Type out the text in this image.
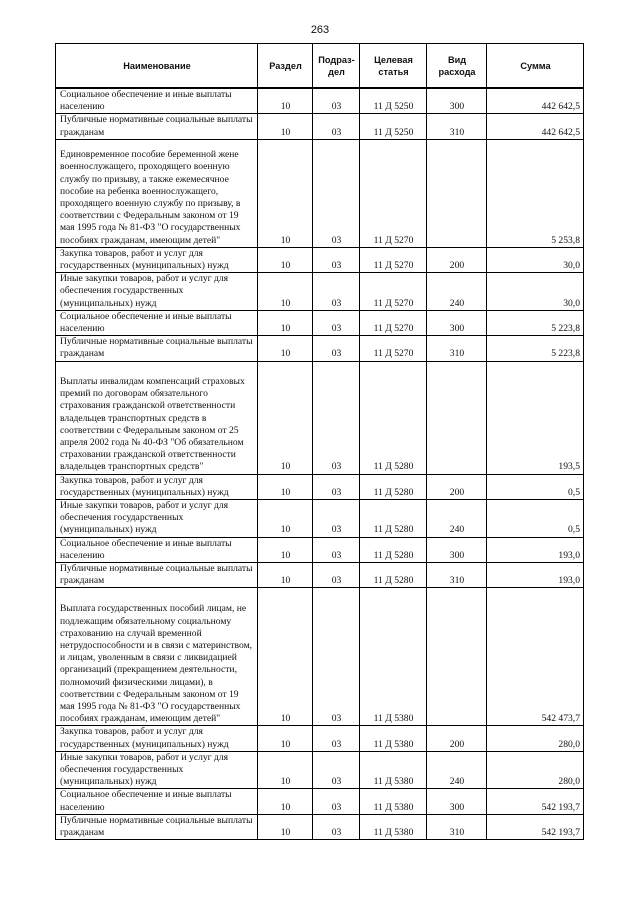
263
Наименование	Раздел	Подраз-дел	Целевая статья	Вид расхода	Сумма
Социальное обеспечение и иные выплаты населению	10	03	11 Д 5250	300	442 642,5
Публичные нормативные социальные выплаты гражданам	10	03	11 Д 5250	310	442 642,5
Единовременное пособие беременной жене военнослужащего, проходящего военную службу по призыву, а также ежемесячное пособие на ребенка военнослужащего, проходящего военную службу по призыву, в соответствии с Федеральным законом от 19 мая 1995 года № 81-ФЗ "О государственных пособиях гражданам, имеющим детей"	10	03	11 Д 5270		5 253,8
Закупка товаров, работ и услуг для государственных (муниципальных) нужд	10	03	11 Д 5270	200	30,0
Иные закупки товаров, работ и услуг для обеспечения государственных (муниципальных) нужд	10	03	11 Д 5270	240	30,0
Социальное обеспечение и иные выплаты населению	10	03	11 Д 5270	300	5 223,8
Публичные нормативные социальные выплаты гражданам	10	03	11 Д 5270	310	5 223,8
Выплаты инвалидам компенсаций страховых премий по договорам обязательного страхования гражданской ответственности владельцев транспортных средств в соответствии с Федеральным законом от 25 апреля 2002 года № 40-ФЗ "Об обязательном страховании гражданской ответственности владельцев транспортных средств"	10	03	11 Д 5280		193,5
Закупка товаров, работ и услуг для государственных (муниципальных) нужд	10	03	11 Д 5280	200	0,5
Иные закупки товаров, работ и услуг для обеспечения государственных (муниципальных) нужд	10	03	11 Д 5280	240	0,5
Социальное обеспечение и иные выплаты населению	10	03	11 Д 5280	300	193,0
Публичные нормативные социальные выплаты гражданам	10	03	11 Д 5280	310	193,0
Выплата государственных пособий лицам, не подлежащим обязательному социальному страхованию на случай временной нетрудоспособности и в связи с материнством, и лицам, уволенным в связи с ликвидацией организаций (прекращением деятельности, полномочий физическими лицами), в соответствии с Федеральным законом от 19 мая 1995 года № 81-ФЗ "О государственных пособиях гражданам, имеющим детей"	10	03	11 Д 5380		542 473,7
Закупка товаров, работ и услуг для государственных (муниципальных) нужд	10	03	11 Д 5380	200	280,0
Иные закупки товаров, работ и услуг для обеспечения государственных (муниципальных) нужд	10	03	11 Д 5380	240	280,0
Социальное обеспечение и иные выплаты населению	10	03	11 Д 5380	300	542 193,7
Публичные нормативные социальные выплаты гражданам	10	03	11 Д 5380	310	542 193,7
